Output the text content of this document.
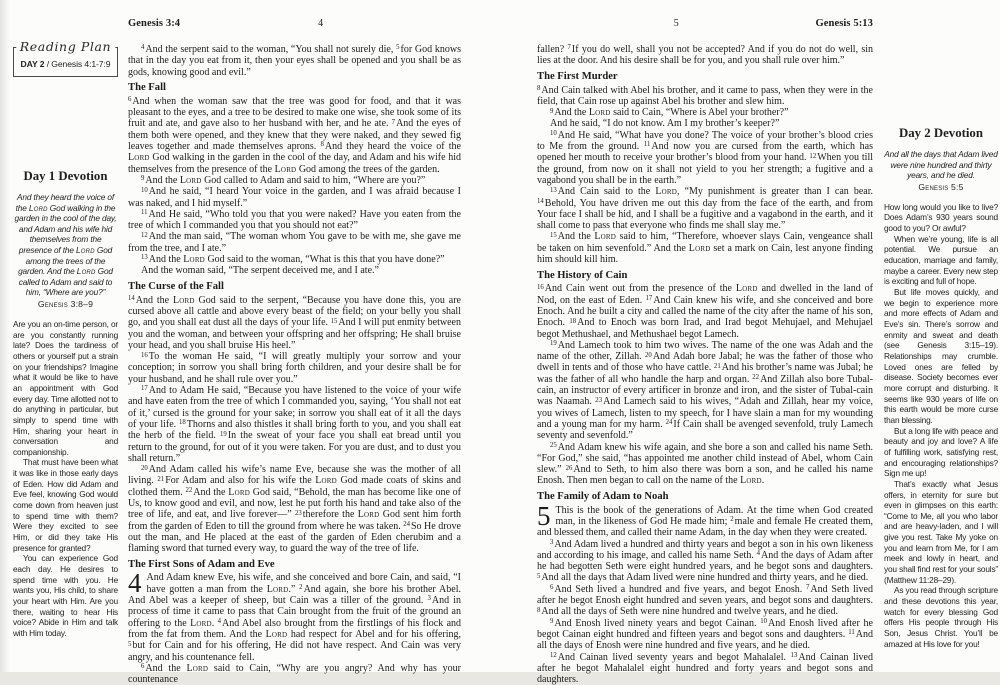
Genesis 3:4	4
Reading Plan
DAY 2 / Genesis 4:1-7:9
Day 1 Devotion

And they heard the voice of the Lord God walking in the garden in the cool of the day, and Adam and his wife hid themselves from the presence of the Lord God among the trees of the garden. And the Lord God called to Adam and said to him, “Where are you?”

Genesis 3:8–9

Are you an on-time person, or are you constantly running late? Does the tardiness of others or yourself put a strain on your friendships? Imagine what it would be like to have an appointment with God every day. Time allotted not to do anything in particular, but simply to spend time with Him, sharing your heart in conversation and companionship.

That must have been what it was like in those early days of Eden. How did Adam and Eve feel, knowing God would come down from heaven just to spend time with them? Were they excited to see Him, or did they take His presence for granted?

You can experience God each day. He desires to spend time with you. He wants you, His child, to share your heart with Him. Are you there, waiting to hear His voice? Abide in Him and talk with Him today.

$^4$And the serpent said to the woman, “You shall not surely die, $^5$for God knows that in the day you eat from it, then your eyes shall be opened and you shall be as gods, knowing good and evil.”

The Fall

$^6$And when the woman saw that the tree was good for food, and that it was pleasant to the eyes, and a tree to be desired to make one wise, she took some of its fruit and ate, and gave also to her husband with her, and he ate. $^7$And the eyes of them both were opened, and they knew that they were naked, and they sewed fig leaves together and made themselves aprons. $^8$And they heard the voice of the Lord God walking in the garden in the cool of the day, and Adam and his wife hid themselves from the presence of the Lord God among the trees of the garden.

$^9$And the Lord God called to Adam and said to him, “Where are you?”

$^{10}$And he said, “I heard Your voice in the garden, and I was afraid because I was naked, and I hid myself.”

$^{11}$And He said, “Who told you that you were naked? Have you eaten from the tree of which I commanded you that you should not eat?”

$^{12}$And the man said, “The woman whom You gave to be with me, she gave me from the tree, and I ate.”

$^{13}$And the Lord God said to the woman, “What is this that you have done?”

And the woman said, “The serpent deceived me, and I ate.”

The Curse of the Fall

$^{14}$And the Lord God said to the serpent, “Because you have done this, you are cursed above all cattle and above every beast of the field; on your belly you shall go, and you shall eat dust all the days of your life. $^{15}$And I will put enmity between you and the woman, and between your offspring and her offspring; He shall bruise your head, and you shall bruise His heel.”

$^{16}$To the woman He said, “I will greatly multiply your sorrow and your conception; in sorrow you shall bring forth children, and your desire shall be for your husband, and he shall rule over you.”

$^{17}$And to Adam He said, “Because you have listened to the voice of your wife and have eaten from the tree of which I commanded you, saying, ‘You shall not eat of it,’ cursed is the ground for your sake; in sorrow you shall eat of it all the days of your life. $^{18}$Thorns and also thistles it shall bring forth to you, and you shall eat the herb of the field. $^{19}$In the sweat of your face you shall eat bread until you return to the ground, for out of it you were taken. For you are dust, and to dust you shall return.”

$^{20}$And Adam called his wife’s name Eve, because she was the mother of all living. $^{21}$For Adam and also for his wife the Lord God made coats of skins and clothed them. $^{22}$And the Lord God said, “Behold, the man has become like one of Us, to know good and evil, and now, lest he put forth his hand and take also of the tree of life, and eat, and live forever—” $^{23}$therefore the Lord God sent him forth from the garden of Eden to till the ground from where he was taken. $^{24}$So He drove out the man, and He placed at the east of the garden of Eden cherubim and a flaming sword that turned every way, to guard the way of the tree of life.

The First Sons of Adam and Eve

4 And Adam knew Eve, his wife, and she conceived and bore Cain, and said, “I have gotten a man from the Lord.” $^2$And again, she bore his brother Abel. And Abel was a keeper of sheep, but Cain was a tiller of the ground. $^3$And in process of time it came to pass that Cain brought from the fruit of the ground an offering to the Lord. $^4$And Abel also brought from the firstlings of his flock and from the fat from them. And the Lord had respect for Abel and for his offering, $^5$but for Cain and for his offering, He did not have respect. And Cain was very angry, and his countenance fell.

$^6$And the Lord said to Cain, “Why are you angry? And why has your countenance

5	Genesis 5:13

fallen? $^7$If you do well, shall you not be accepted? And if you do not do well, sin lies at the door. And his desire shall be for you, and you shall rule over him.”

The First Murder

$^8$And Cain talked with Abel his brother, and it came to pass, when they were in the field, that Cain rose up against Abel his brother and slew him.

$^9$And the Lord said to Cain, “Where is Abel your brother?”

And he said, “I do not know. Am I my brother’s keeper?”

$^{10}$And He said, “What have you done? The voice of your brother’s blood cries to Me from the ground. $^{11}$And now you are cursed from the earth, which has opened her mouth to receive your brother’s blood from your hand. $^{12}$When you till the ground, from now on it shall not yield to you her strength; a fugitive and a vagabond you shall be in the earth.”

$^{13}$And Cain said to the Lord, “My punishment is greater than I can bear. $^{14}$Behold, You have driven me out this day from the face of the earth, and from Your face I shall be hid, and I shall be a fugitive and a vagabond in the earth, and it shall come to pass that everyone who finds me shall slay me.”

$^{15}$And the Lord said to him, “Therefore, whoever slays Cain, vengeance shall be taken on him sevenfold.” And the Lord set a mark on Cain, lest anyone finding him should kill him.

The History of Cain

$^{16}$And Cain went out from the presence of the Lord and dwelled in the land of Nod, on the east of Eden. $^{17}$And Cain knew his wife, and she conceived and bore Enoch. And he built a city and called the name of the city after the name of his son, Enoch. $^{18}$And to Enoch was born Irad, and Irad begot Mehujael, and Mehujael begot Methushael, and Methushael begot Lamech.

$^{19}$And Lamech took to him two wives. The name of the one was Adah and the name of the other, Zillah. $^{20}$And Adah bore Jabal; he was the father of those who dwell in tents and of those who have cattle. $^{21}$And his brother’s name was Jubal; he was the father of all who handle the harp and organ. $^{22}$And Zillah also bore Tubal-cain, an instructor of every artificer in bronze and iron, and the sister of Tubal-cain was Naamah. $^{23}$And Lamech said to his wives, “Adah and Zillah, hear my voice, you wives of Lamech, listen to my speech, for I have slain a man for my wounding and a young man for my harm. $^{24}$If Cain shall be avenged sevenfold, truly Lamech seventy and sevenfold.”

$^{25}$And Adam knew his wife again, and she bore a son and called his name Seth. “For God,” she said, “has appointed me another child instead of Abel, whom Cain slew.” $^{26}$And to Seth, to him also there was born a son, and he called his name Enosh. Then men began to call on the name of the Lord.

The Family of Adam to Noah

5 This is the book of the generations of Adam. At the time when God created man, in the likeness of God He made him; $^2$male and female He created them, and blessed them, and called their name Adam, in the day when they were created.

$^3$And Adam lived a hundred and thirty years and begot a son in his own likeness and according to his image, and called his name Seth. $^4$And the days of Adam after he had begotten Seth were eight hundred years, and he begot sons and daughters. $^5$And all the days that Adam lived were nine hundred and thirty years, and he died.

$^6$And Seth lived a hundred and five years, and begot Enosh. $^7$And Seth lived after he begot Enosh eight hundred and seven years, and begot sons and daughters. $^8$And all the days of Seth were nine hundred and twelve years, and he died.

$^9$And Enosh lived ninety years and begot Cainan. $^{10}$And Enosh lived after he begot Cainan eight hundred and fifteen years and begot sons and daughters. $^{11}$And all the days of Enosh were nine hundred and five years, and he died.

$^{12}$And Cainan lived seventy years and begot Mahalalel. $^{13}$And Cainan lived after he begot Mahalalel eight hundred and forty years and begot sons and daughters.

Day 2 Devotion

And all the days that Adam lived were nine hundred and thirty years, and he died.

Genesis 5:5

How long would you like to live? Does Adam’s 930 years sound good to you? Or awful?

When we’re young, life is all potential. We pursue an education, marriage and family, maybe a career. Every new step is exciting and full of hope.

But life moves quickly, and we begin to experience more and more effects of Adam and Eve’s sin. There’s sorrow and enmity and sweat and death (see Genesis 3:15–19). Relationships may crumble. Loved ones are felled by disease. Society becomes ever more corrupt and disturbing. It seems like 930 years of life on this earth would be more curse than blessing.

But a long life with peace and beauty and joy and love? A life of fulfilling work, satisfying rest, and encouraging relationships? Sign me up!

That’s exactly what Jesus offers, in eternity for sure but even in glimpses on this earth: “Come to Me, all you who labor and are heavy-laden, and I will give you rest. Take My yoke on you and learn from Me, for I am meek and lowly in heart, and you shall find rest for your souls” (Matthew 11:28–29).

As you read through scripture and these devotions this year, watch for every blessing God offers His people through His Son, Jesus Christ. You’ll be amazed at His love for you!
